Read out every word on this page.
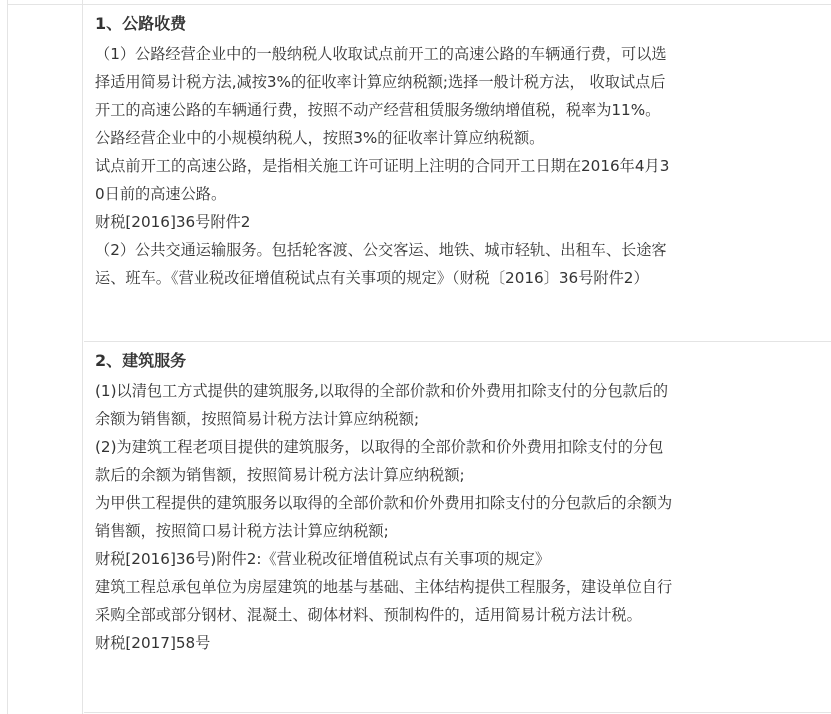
1、公路收费
（1）公路经营企业中的一般纳税人收取试点前开工的高速公路的车辆通行费，可以选
择适用简易计税方法,减按3%的征收率计算应纳税额;选择一般计税方法， 收取试点后
开工的高速公路的车辆通行费，按照不动产经营租赁服务缴纳增值税，税率为11%。
公路经营企业中的小规模纳税人，按照3%的征收率计算应纳税额。
试点前开工的高速公路，是指相关施工许可证明上注明的合同开工日期在2016年4月3
0日前的高速公路。
财税[2016]36号附件2
（2）公共交通运输服务。包括轮客渡、公交客运、地铁、城市轻轨、出租车、长途客
运、班车。《营业税改征增值税试点有关事项的规定》（财税〔2016〕36号附件2）
2、建筑服务
(1)以清包工方式提供的建筑服务,以取得的全部价款和价外费用扣除支付的分包款后的
余额为销售额，按照简易计税方法计算应纳税额;
(2)为建筑工程老项目提供的建筑服务，以取得的全部价款和价外费用扣除支付的分包
款后的余额为销售额，按照简易计税方法计算应纳税额;
为甲供工程提供的建筑服务以取得的全部价款和价外费用扣除支付的分包款后的余额为
销售额，按照简口易计税方法计算应纳税额;
财税[2016]36号)附件2:《营业税改征增值税试点有关事项的规定》
建筑工程总承包单位为房屋建筑的地基与基础、主体结构提供工程服务，建设单位自行
采购全部或部分钢材、混凝土、砌体材料、预制构件的，适用简易计税方法计税。
财税[2017]58号
